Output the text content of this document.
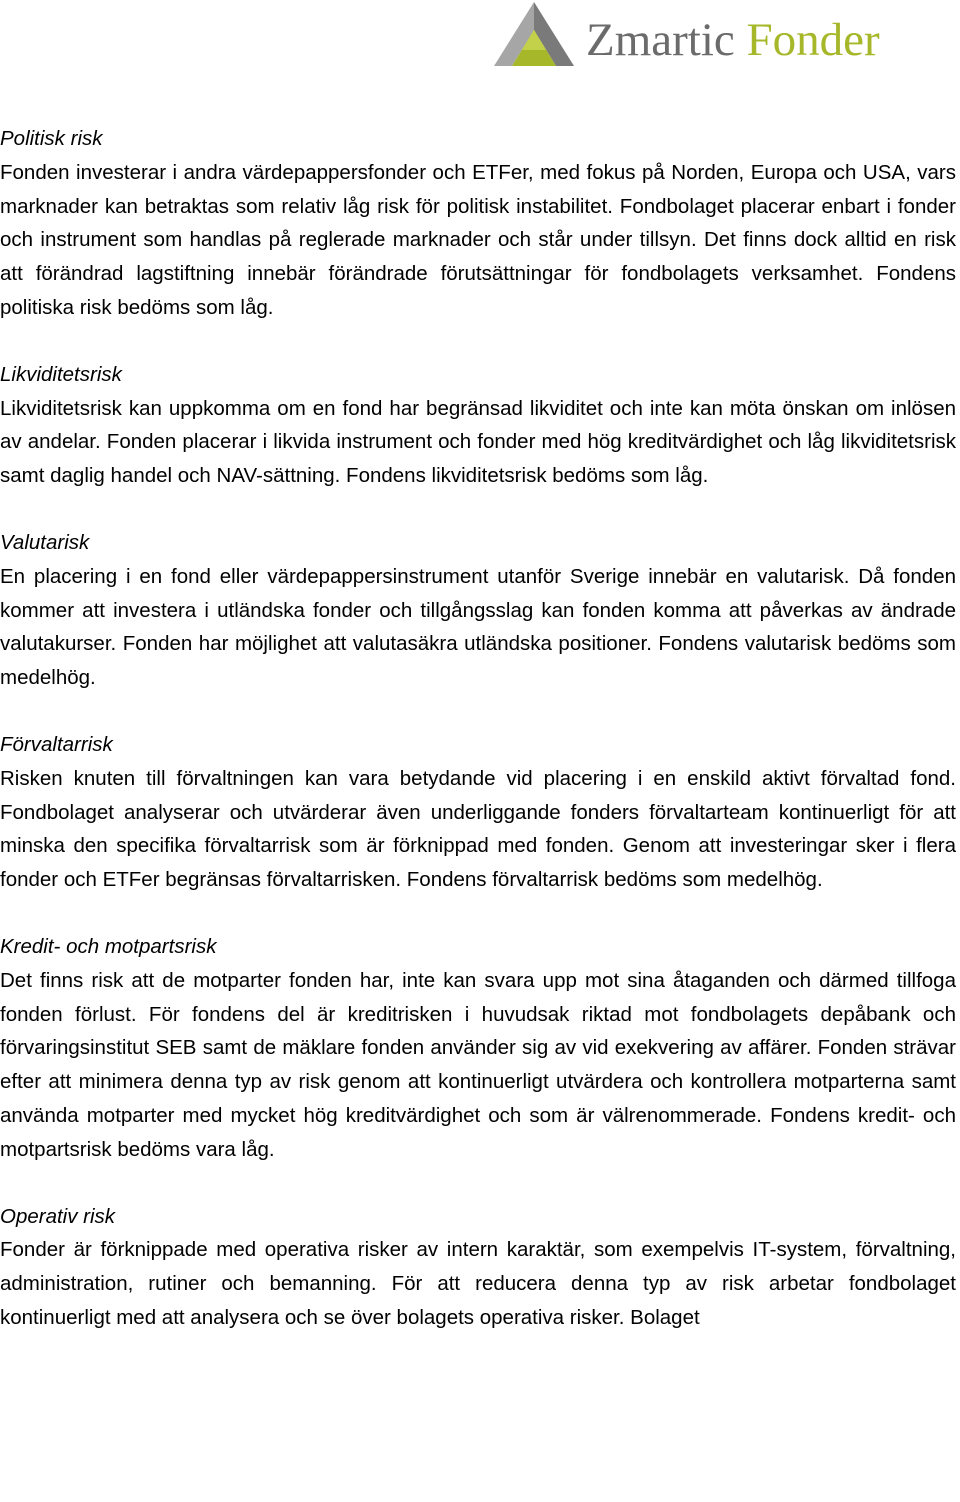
Zmartic Fonder

Politisk risk

Fonden investerar i andra värdepappersfonder och ETFer, med fokus på Norden, Europa och USA, vars marknader kan betraktas som relativ låg risk för politisk instabilitet. Fondbolaget placerar enbart i fonder och instrument som handlas på reglerade marknader och står under tillsyn. Det finns dock alltid en risk att förändrad lagstiftning innebär förändrade förutsättningar för fondbolagets verksamhet. Fondens politiska risk bedöms som låg.

Likviditetsrisk

Likviditetsrisk kan uppkomma om en fond har begränsad likviditet och inte kan möta önskan om inlösen av andelar. Fonden placerar i likvida instrument och fonder med hög kreditvärdighet och låg likviditetsrisk samt daglig handel och NAV-sättning. Fondens likviditetsrisk bedöms som låg.

Valutarisk

En placering i en fond eller värdepappersinstrument utanför Sverige innebär en valutarisk. Då fonden kommer att investera i utländska fonder och tillgångsslag kan fonden komma att påverkas av ändrade valutakurser. Fonden har möjlighet att valutasäkra utländska positioner. Fondens valutarisk bedöms som medelhög.

Förvaltarrisk

Risken knuten till förvaltningen kan vara betydande vid placering i en enskild aktivt förvaltad fond. Fondbolaget analyserar och utvärderar även underliggande fonders förvaltarteam kontinuerligt för att minska den specifika förvaltarrisk som är förknippad med fonden. Genom att investeringar sker i flera fonder och ETFer begränsas förvaltarrisken. Fondens förvaltarrisk bedöms som medelhög.

Kredit- och motpartsrisk

Det finns risk att de motparter fonden har, inte kan svara upp mot sina åtaganden och därmed tillfoga fonden förlust. För fondens del är kreditrisken i huvudsak riktad mot fondbolagets depåbank och förvaringsinstitut SEB samt de mäklare fonden använder sig av vid exekvering av affärer. Fonden strävar efter att minimera denna typ av risk genom att kontinuerligt utvärdera och kontrollera motparterna samt använda motparter med mycket hög kreditvärdighet och som är välrenommerade. Fondens kredit- och motpartsrisk bedöms vara låg.

Operativ risk

Fonder är förknippade med operativa risker av intern karaktär, som exempelvis IT-system, förvaltning, administration, rutiner och bemanning. För att reducera denna typ av risk arbetar fondbolaget kontinuerligt med att analysera och se över bolagets operativa risker. Bolaget
